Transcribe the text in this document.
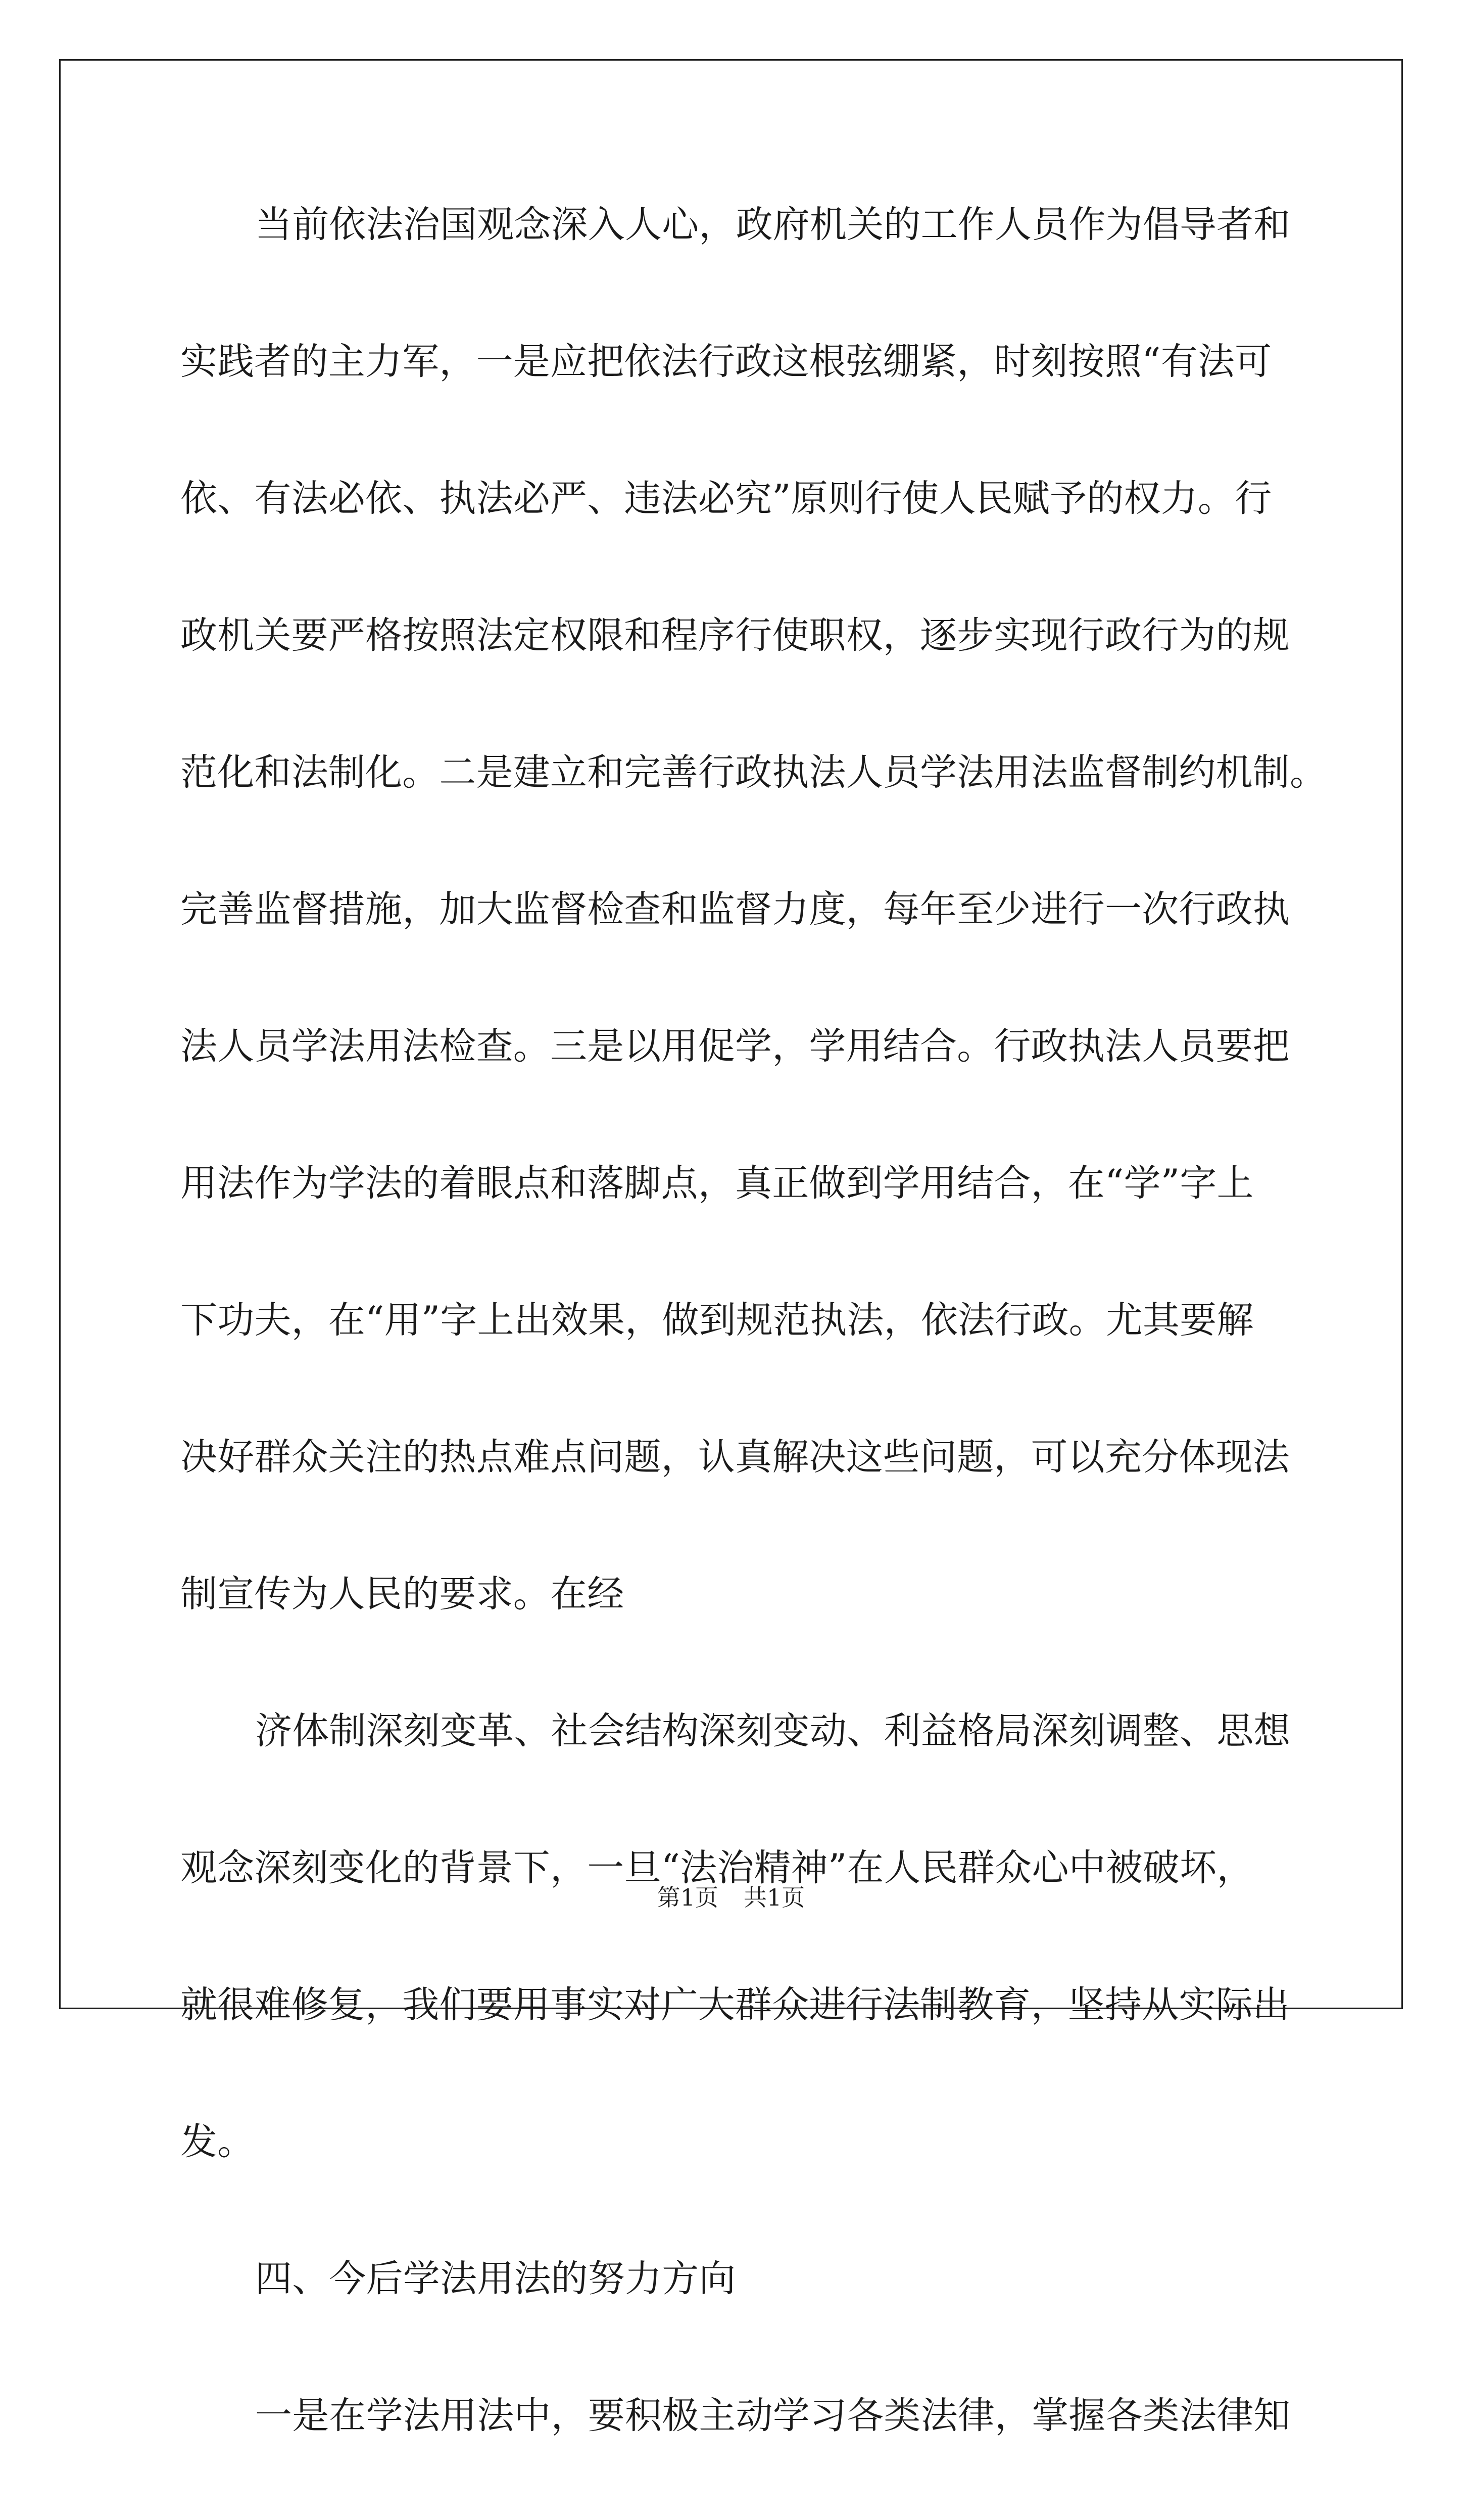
当前依法治国观念深入人心，政府机关的工作人员作为倡导者和
实践者的主力军，一是应把依法行政这根弦绷紧，时刻按照“有法可
依、有法必依、执法必严、违法必究”原则行使人民赋予的权力。行
政机关要严格按照法定权限和程序行使职权，逐步实现行政行为的规
范化和法制化。二是建立和完善行政执法人员学法用法监督制约机制。
完善监督措施，加大监督检查和监督力度，每年至少进行一次行政执
法人员学法用法检查。三是以用促学，学用结合。行政执法人员要把
用法作为学法的着眼点和落脚点，真正做到学用结合，在“学”字上
下功夫，在“用”字上出效果，做到规范执法，依法行政。尤其要解
决好群众关注的热点难点问题，认真解决这些问题，可以充分体现法
制宣传为人民的要求。在经
济体制深刻变革、社会结构深刻变动、利益格局深刻调整、思想
观念深刻变化的背景下，一旦“法治精神”在人民群众心中被破坏，
就很难修复，我们要用事实对广大群众进行法制教育，坚持从实际出
发。
四、今后学法用法的努力方向
一是在学法用法中，要积极主动学习各类法律，掌握各类法律知
第1页 共1页
